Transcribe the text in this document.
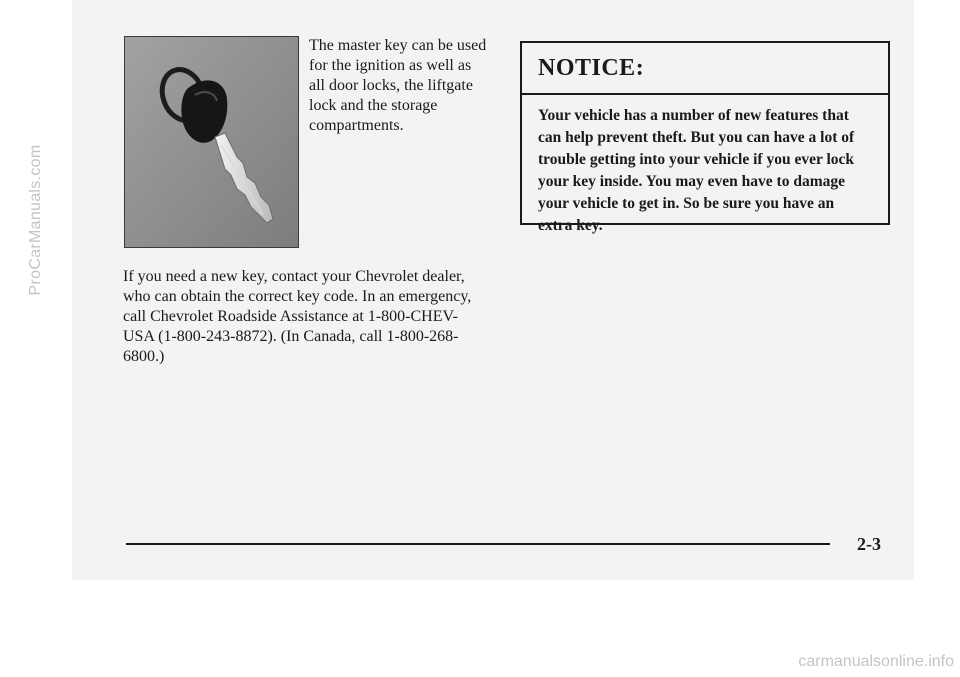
ProCarManuals.com

The master key can be used for the ignition as well as all door locks, the liftgate lock and the storage compartments.

NOTICE:

Your vehicle has a number of new features that can help prevent theft. But you can have a lot of trouble getting into your vehicle if you ever lock your key inside. You may even have to damage your vehicle to get in. So be sure you have an extra key.

If you need a new key, contact your Chevrolet dealer, who can obtain the correct key code. In an emergency, call Chevrolet Roadside Assistance at 1-800-CHEV-USA (1-800-243-8872). (In Canada, call 1-800-268-6800.)

2-3
carmanualsonline.info
